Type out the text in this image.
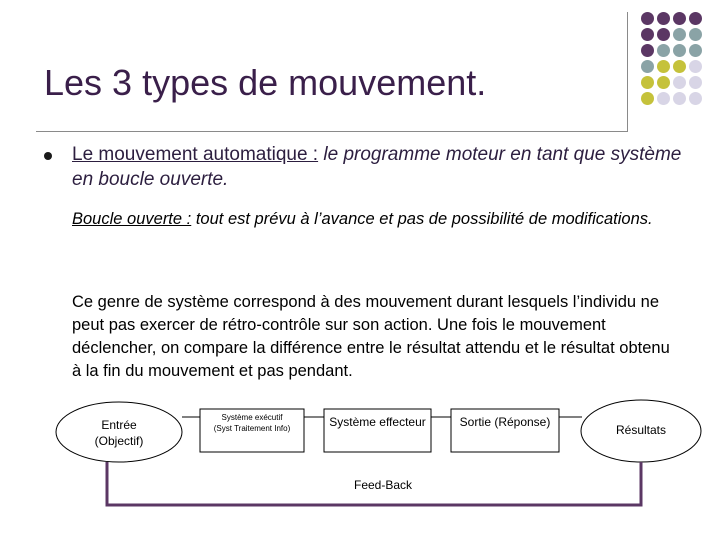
Les 3 types de mouvement.
Le mouvement automatique : le programme moteur en tant que système en boucle ouverte.
Boucle ouverte : tout est prévu à l’avance et pas de possibilité de modifications.
Ce genre de système correspond à des mouvement durant lesquels l’individu ne peut pas exercer de rétro-contrôle sur son action. Une fois le mouvement déclencher, on compare la différence entre le résultat attendu et le résultat obtenu à la fin du mouvement et pas pendant.
Entrée
(Objectif)
Système exécutif
(Syst Traitement Info)	Système effecteur	Sortie (Réponse)
Résultats
Feed-Back
